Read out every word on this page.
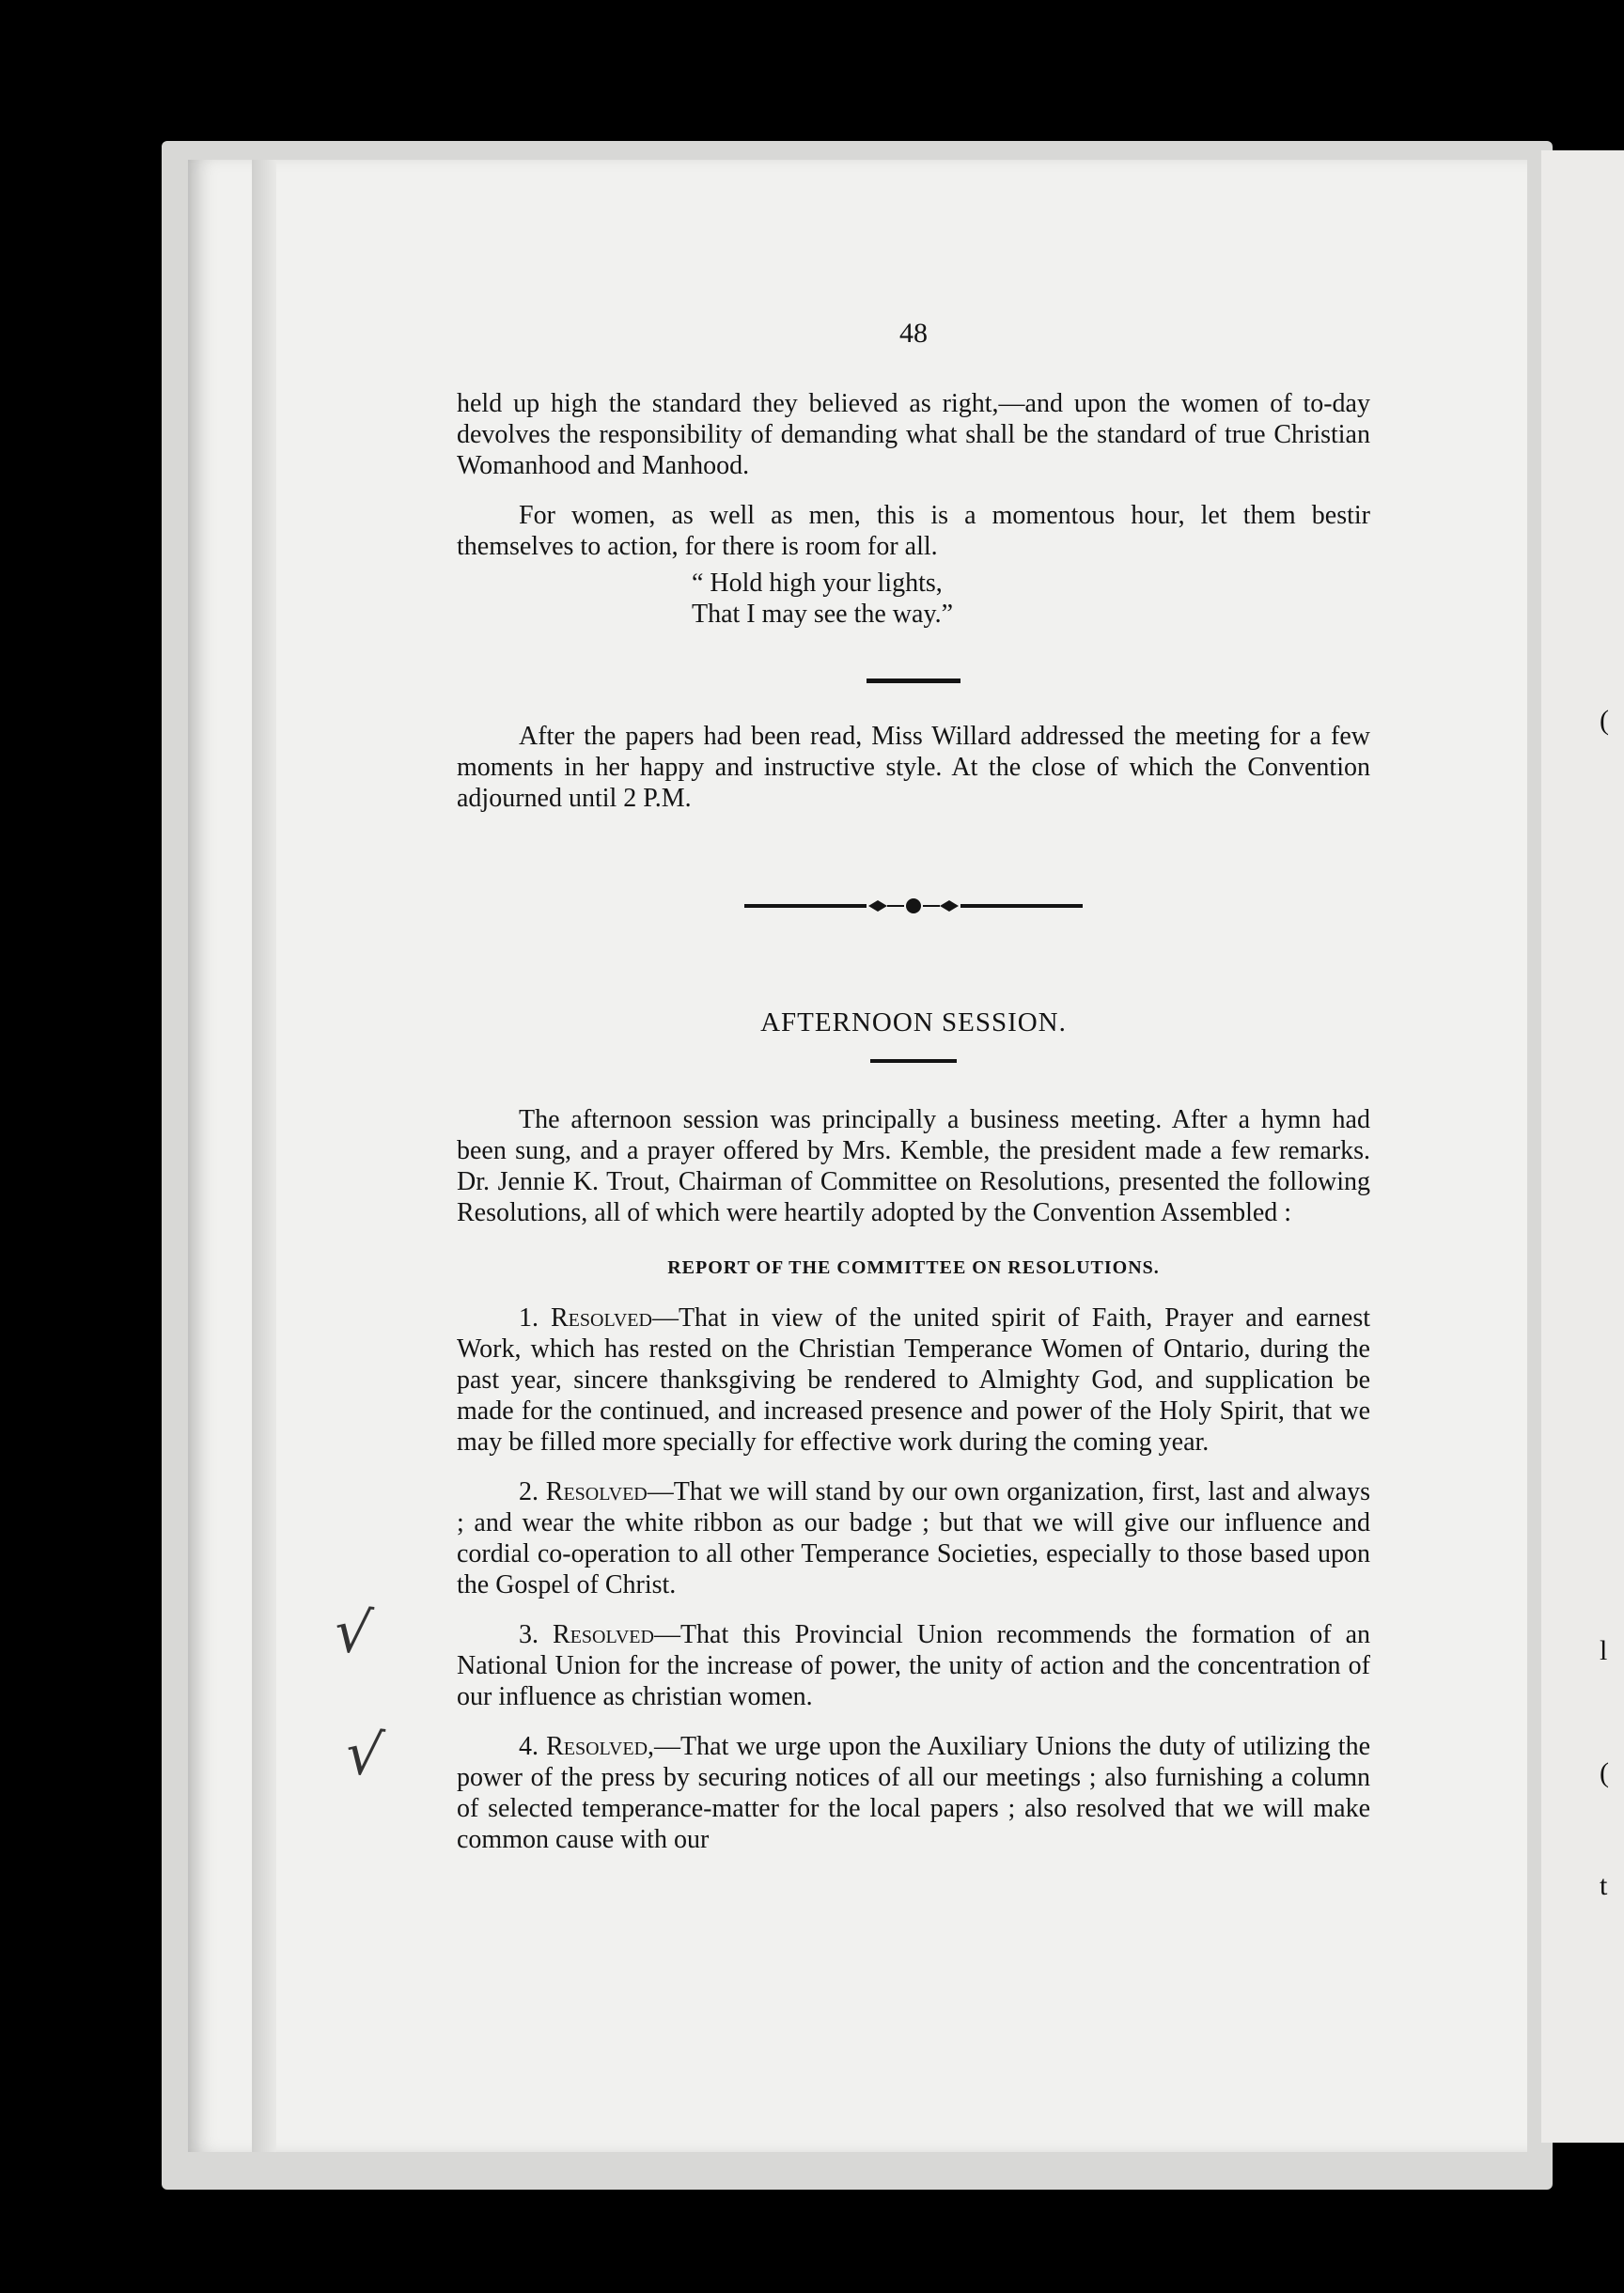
(
l
(
t
√
√
48

held up high the standard they believed as right,—and upon the women of to-day devolves the responsibility of demanding what shall be the standard of true Christian Womanhood and Manhood.

For women, as well as men, this is a momentous hour, let them bestir themselves to action, for there is room for all.

“ Hold high your lights,
That I may see the way.”

After the papers had been read, Miss Willard addressed the meeting for a few moments in her happy and instructive style. At the close of which the Convention adjourned until 2 P.M.

AFTERNOON SESSION.

The afternoon session was principally a business meeting. After a hymn had been sung, and a prayer offered by Mrs. Kemble, the president made a few remarks. Dr. Jennie K. Trout, Chairman of Committee on Resolutions, presented the following Resolutions, all of which were heartily adopted by the Convention Assembled :

REPORT OF THE COMMITTEE ON RESOLUTIONS.

1. Resolved—That in view of the united spirit of Faith, Prayer and earnest Work, which has rested on the Christian Temperance Women of Ontario, during the past year, sincere thanksgiving be rendered to Almighty God, and supplication be made for the continued, and increased presence and power of the Holy Spirit, that we may be filled more specially for effective work during the coming year.

2. Resolved—That we will stand by our own organization, first, last and always ; and wear the white ribbon as our badge ; but that we will give our influence and cordial co-operation to all other Temperance Societies, especially to those based upon the Gospel of Christ.

3. Resolved—That this Provincial Union recommends the formation of an National Union for the increase of power, the unity of action and the concentration of our influence as christian women.

4. Resolved,—That we urge upon the Auxiliary Unions the duty of utilizing the power of the press by securing notices of all our meetings ; also furnishing a column of selected temperance-matter for the local papers ; also resolved that we will make common cause with our
